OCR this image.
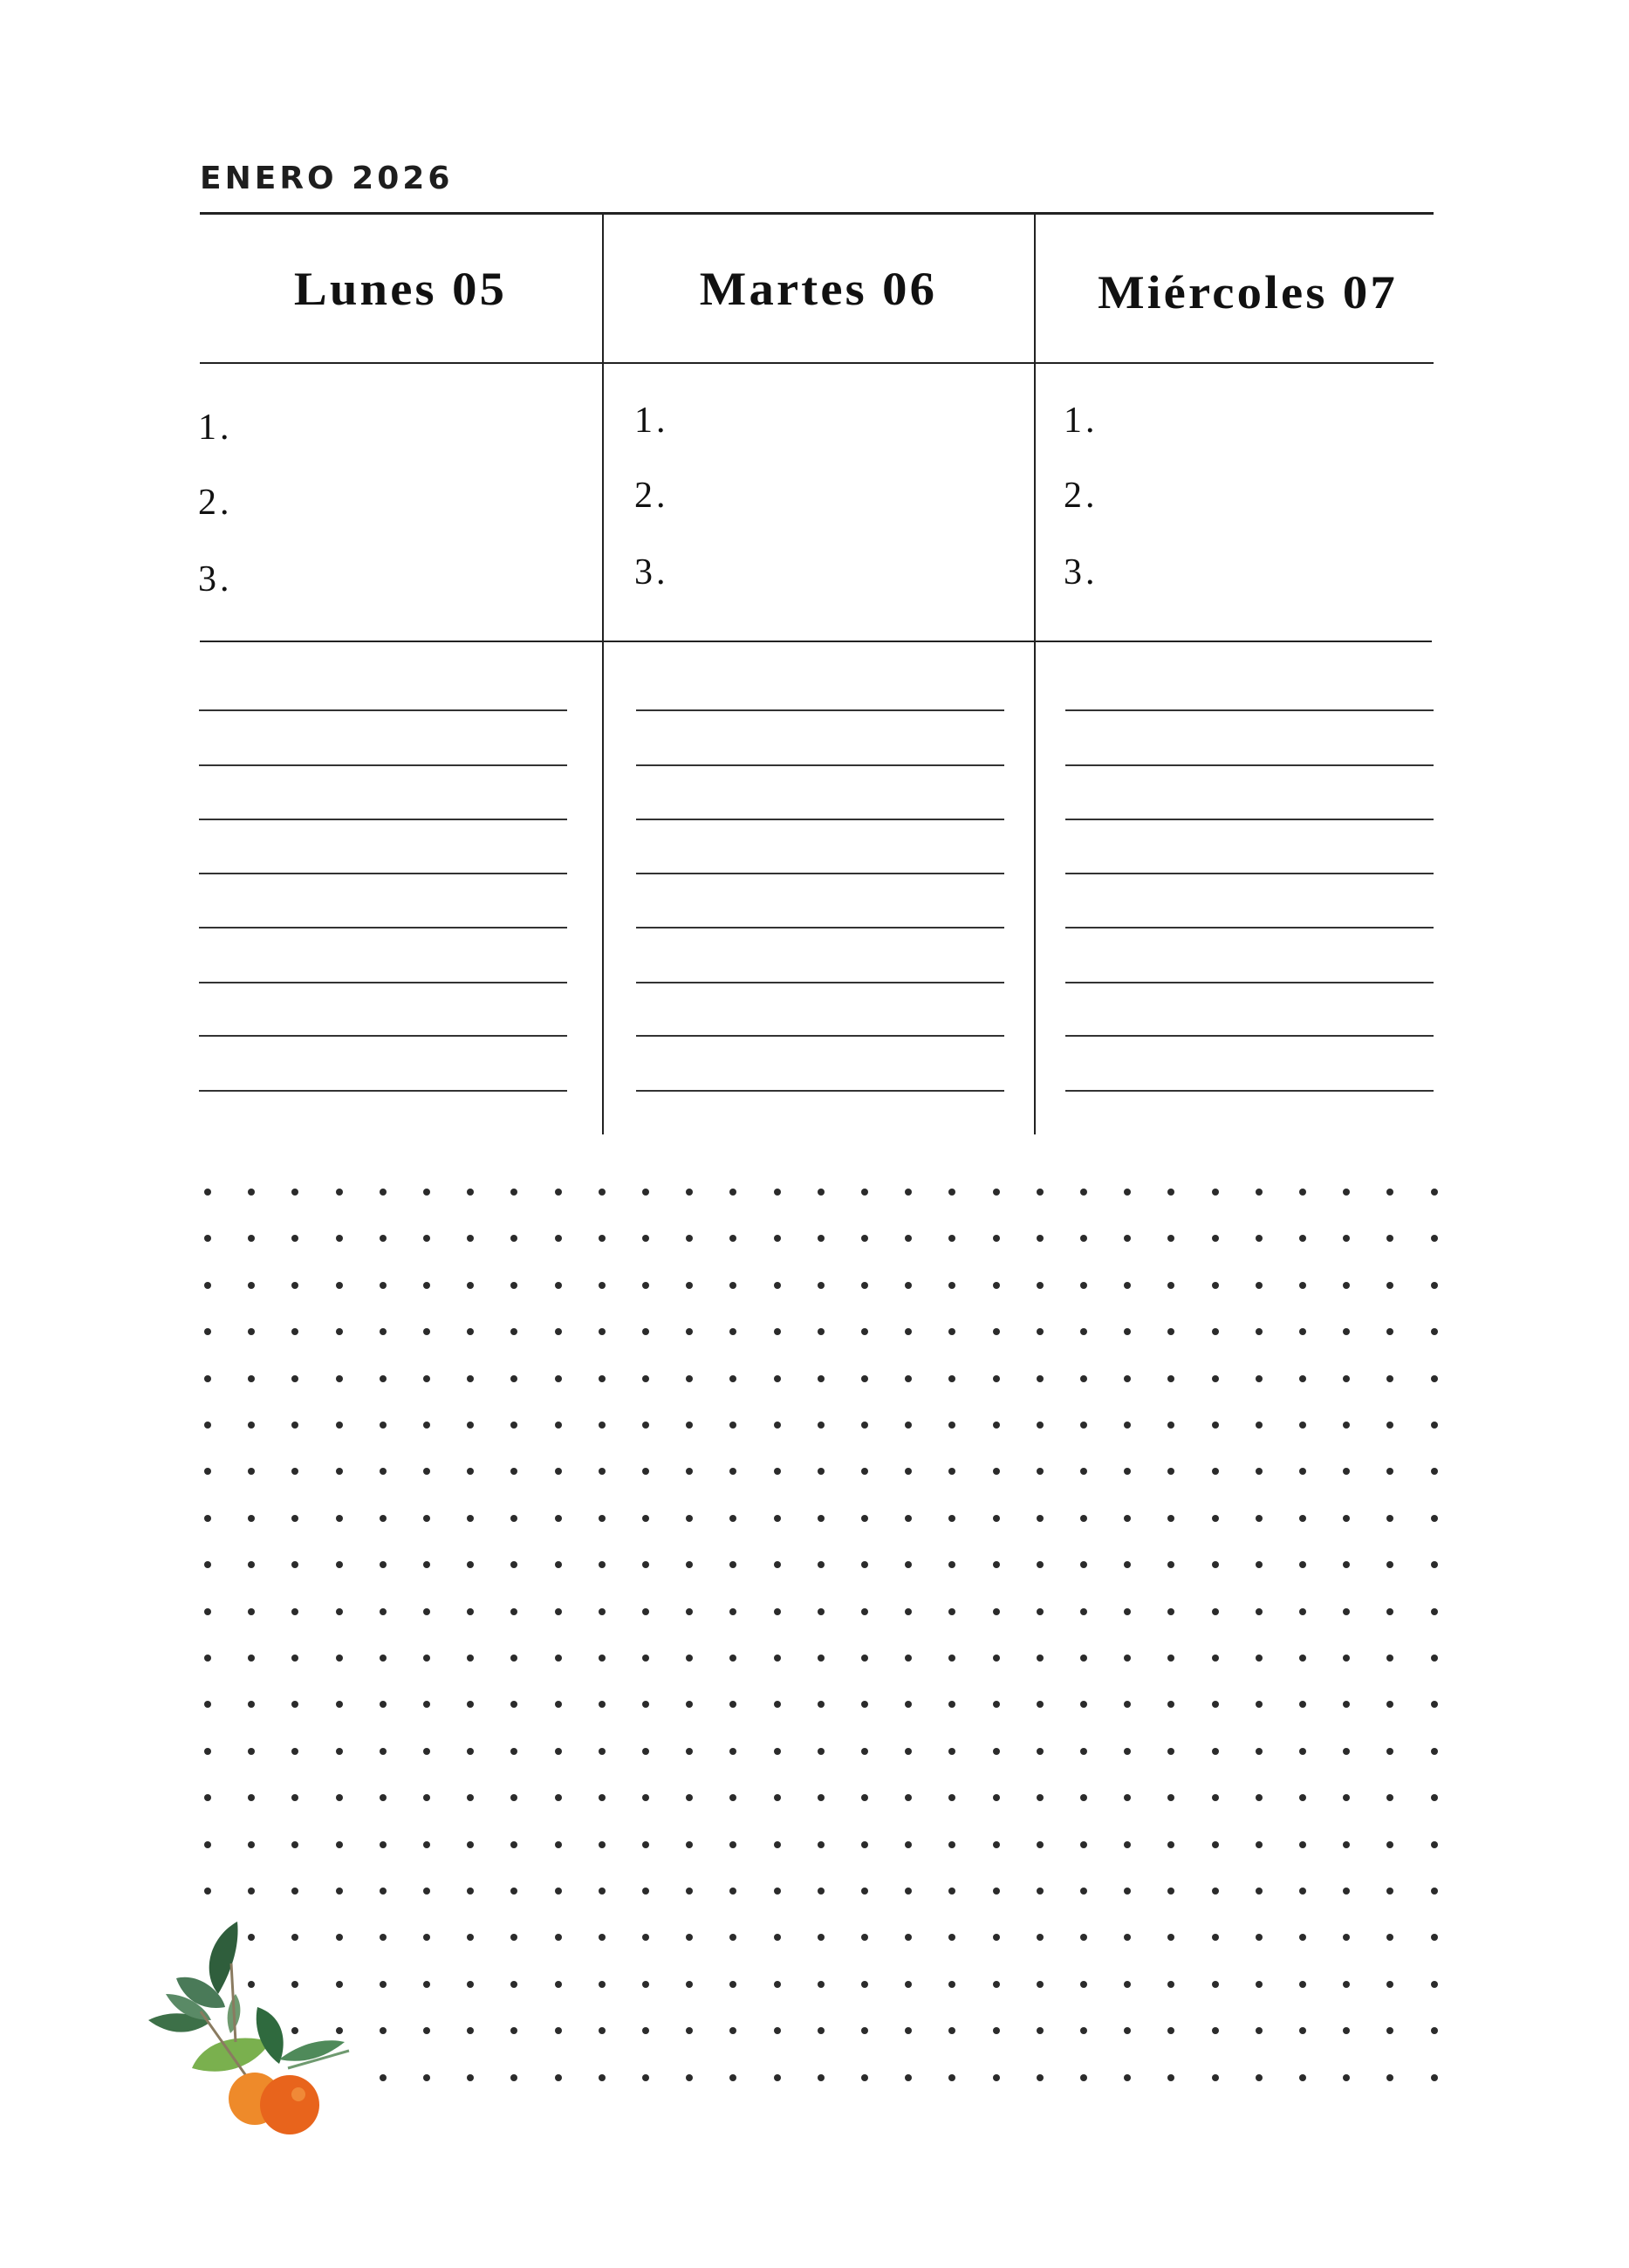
ENERO 2026
Lunes 05	Martes 06	Miércoles 07
1.
2.
3.
1.
2.
3.
1.
2.
3.
